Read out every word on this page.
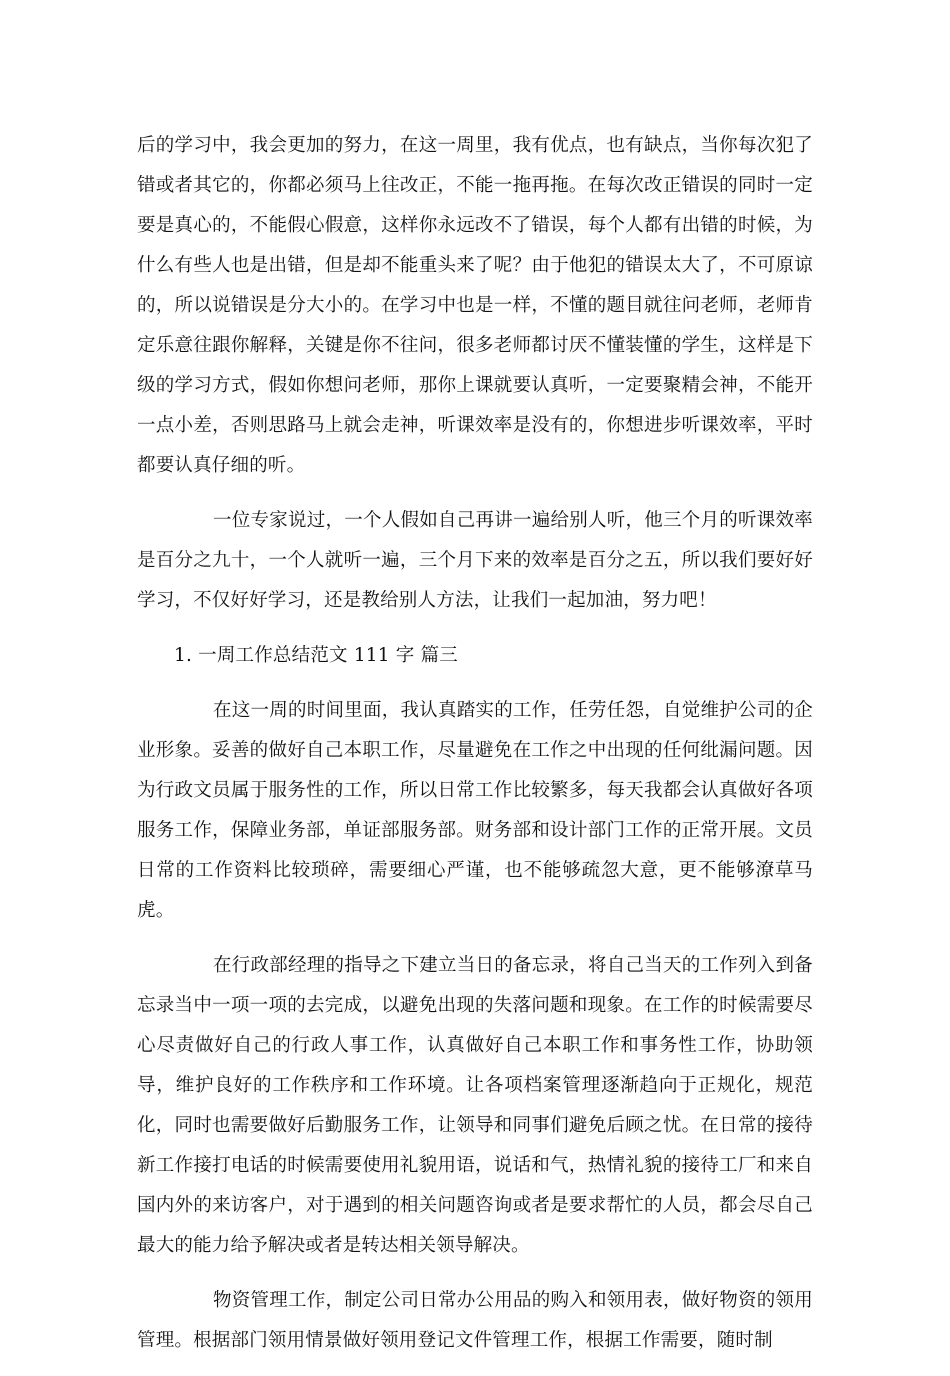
后的学习中，我会更加的努力，在这一周里，我有优点，也有缺点，当你每次犯了错或者其它的，你都必须马上往改正，不能一拖再拖。在每次改正错误的同时一定要是真心的，不能假心假意，这样你永远改不了错误，每个人都有出错的时候，为什么有些人也是出错，但是却不能重头来了呢？由于他犯的错误太大了，不可原谅的，所以说错误是分大小的。在学习中也是一样，不懂的题目就往问老师，老师肯定乐意往跟你解释，关键是你不往问，很多老师都讨厌不懂装懂的学生，这样是下级的学习方式，假如你想问老师，那你上课就要认真听，一定要聚精会神，不能开一点小差，否则思路马上就会走神，听课效率是没有的，你想进步听课效率，平时都要认真仔细的听。

一位专家说过，一个人假如自己再讲一遍给别人听，他三个月的听课效率是百分之九十，一个人就听一遍，三个月下来的效率是百分之五，所以我们要好好学习，不仅好好学习，还是教给别人方法，让我们一起加油，努力吧！

1. 一周工作总结范文 111 字 篇三

在这一周的时间里面，我认真踏实的工作，任劳任怨，自觉维护公司的企业形象。妥善的做好自己本职工作，尽量避免在工作之中出现的任何纰漏问题。因为行政文员属于服务性的工作，所以日常工作比较繁多，每天我都会认真做好各项服务工作，保障业务部，单证部服务部。财务部和设计部门工作的正常开展。文员日常的工作资料比较琐碎，需要细心严谨，也不能够疏忽大意，更不能够潦草马虎。

在行政部经理的指导之下建立当日的备忘录，将自己当天的工作列入到备忘录当中一项一项的去完成，以避免出现的失落问题和现象。在工作的时候需要尽心尽责做好自己的行政人事工作，认真做好自己本职工作和事务性工作，协助领导，维护良好的工作秩序和工作环境。让各项档案管理逐渐趋向于正规化，规范化，同时也需要做好后勤服务工作，让领导和同事们避免后顾之忧。在日常的接待新工作接打电话的时候需要使用礼貌用语，说话和气，热情礼貌的接待工厂和来自国内外的来访客户，对于遇到的相关问题咨询或者是要求帮忙的人员，都会尽自己最大的能力给予解决或者是转达相关领导解决。

物资管理工作，制定公司日常办公用品的购入和领用表，做好物资的领用管理。根据部门领用情景做好领用登记文件管理工作，根据工作需要，随时制
